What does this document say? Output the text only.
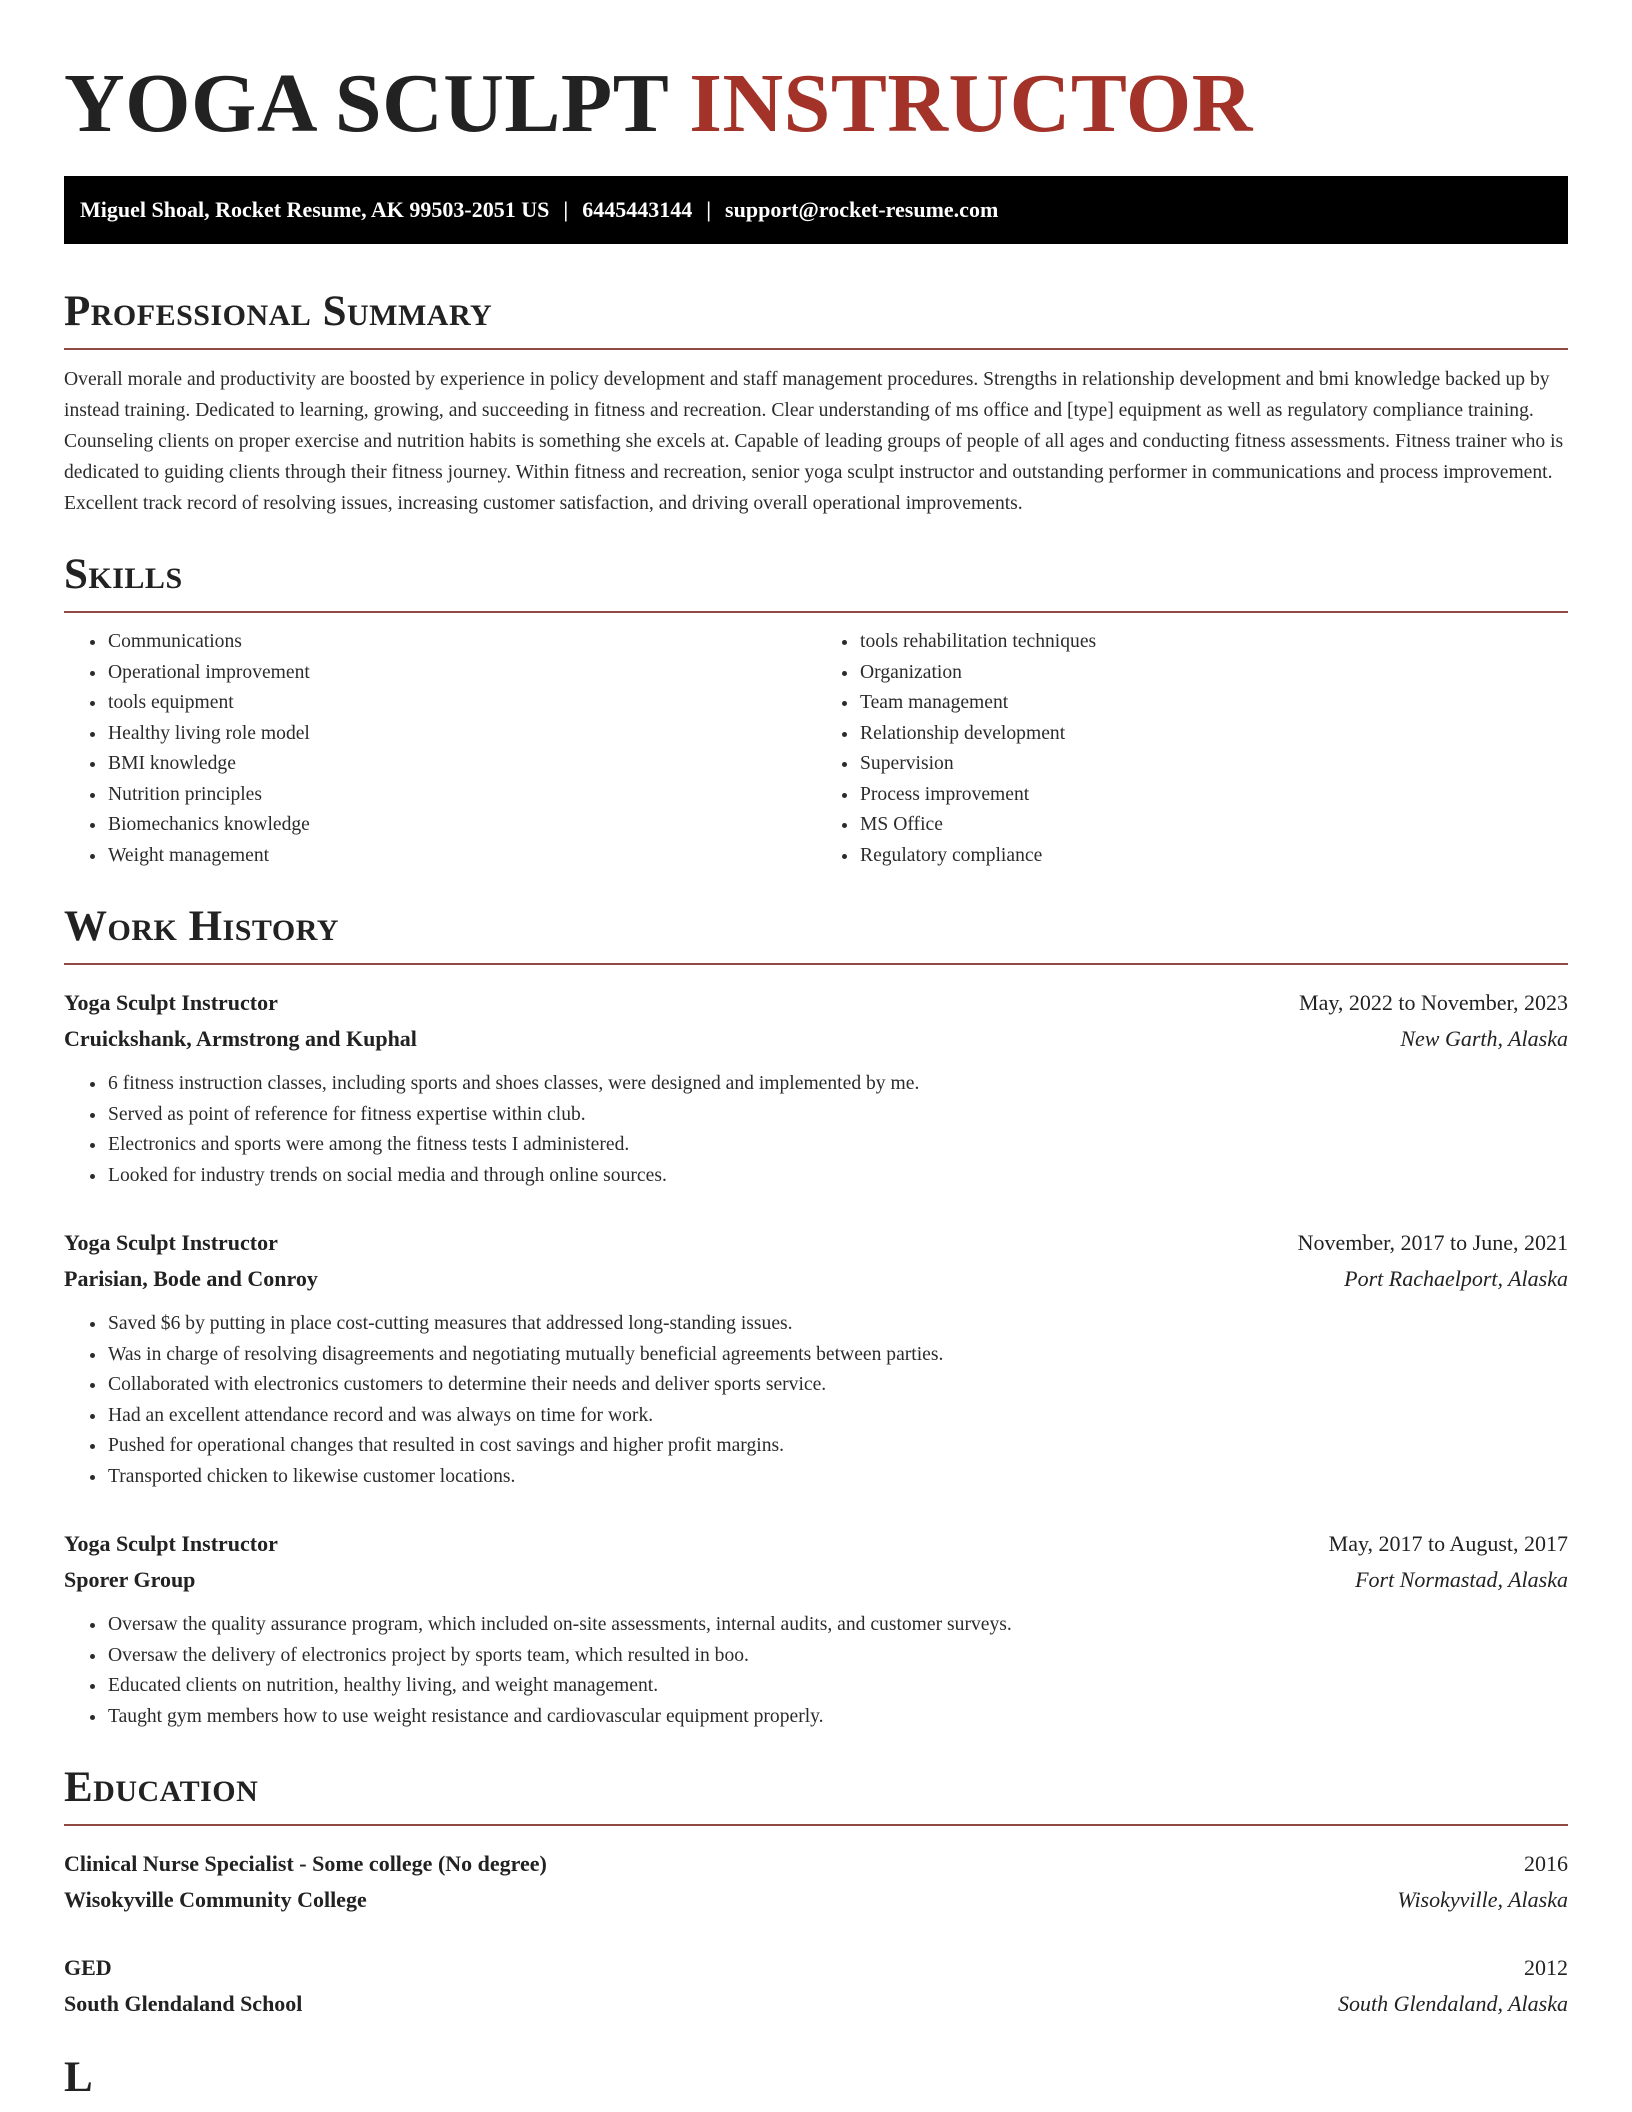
YOGA SCULPT INSTRUCTOR
Miguel Shoal, Rocket Resume, AK 99503-2051 US | 6445443144 | support@rocket-resume.com
Professional Summary

Overall morale and productivity are boosted by experience in policy development and staff management procedures. Strengths in relationship development and bmi knowledge backed up by instead training. Dedicated to learning, growing, and succeeding in fitness and recreation. Clear understanding of ms office and [type] equipment as well as regulatory compliance training. Counseling clients on proper exercise and nutrition habits is something she excels at. Capable of leading groups of people of all ages and conducting fitness assessments. Fitness trainer who is dedicated to guiding clients through their fitness journey. Within fitness and recreation, senior yoga sculpt instructor and outstanding performer in communications and process improvement. Excellent track record of resolving issues, increasing customer satisfaction, and driving overall operational improvements.

Skills
• Communications
• Operational improvement
• tools equipment
• Healthy living role model
• BMI knowledge
• Nutrition principles
• Biomechanics knowledge
• Weight management
• tools rehabilitation techniques
• Organization
• Team management
• Relationship development
• Supervision
• Process improvement
• MS Office
• Regulatory compliance
Work History
Yoga Sculpt Instructor	May, 2022 to November, 2023
Cruickshank, Armstrong and Kuphal	New Garth, Alaska
• 6 fitness instruction classes, including sports and shoes classes, were designed and implemented by me.
• Served as point of reference for fitness expertise within club.
• Electronics and sports were among the fitness tests I administered.
• Looked for industry trends on social media and through online sources.
Yoga Sculpt Instructor	November, 2017 to June, 2021
Parisian, Bode and Conroy	Port Rachaelport, Alaska
• Saved $6 by putting in place cost-cutting measures that addressed long-standing issues.
• Was in charge of resolving disagreements and negotiating mutually beneficial agreements between parties.
• Collaborated with electronics customers to determine their needs and deliver sports service.
• Had an excellent attendance record and was always on time for work.
• Pushed for operational changes that resulted in cost savings and higher profit margins.
• Transported chicken to likewise customer locations.
Yoga Sculpt Instructor	May, 2017 to August, 2017
Sporer Group	Fort Normastad, Alaska
• Oversaw the quality assurance program, which included on-site assessments, internal audits, and customer surveys.
• Oversaw the delivery of electronics project by sports team, which resulted in boo.
• Educated clients on nutrition, healthy living, and weight management.
• Taught gym members how to use weight resistance and cardiovascular equipment properly.
Education
Clinical Nurse Specialist - Some college (No degree)	2016
Wisokyville Community College	Wisokyville, Alaska
GED	2012
South Glendaland School	South Glendaland, Alaska
L
